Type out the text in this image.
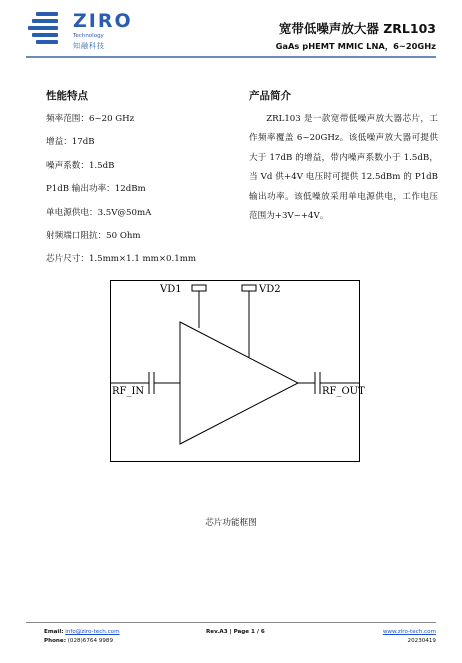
ZIRO
Technology
知融科技
宽带低噪声放大器 ZRL103
GaAs pHEMT MMIC LNA，6~20GHz
性能特点
频率范围：6~20 GHz
增益：17dB
噪声系数：1.5dB
P1dB 输出功率：12dBm
单电源供电：3.5V@50mA
射频端口阻抗：50 Ohm
芯片尺寸：1.5mm×1.1 mm×0.1mm
产品简介
ZRL103 是一款宽带低噪声放大器芯片，工作频率覆盖 6~20GHz。该低噪声放大器可提供大于 17dB 的增益，带内噪声系数小于 1.5dB，当 Vd 供+4V 电压时可提供 12.5dBm 的 P1dB 输出功率。该低噪放采用单电源供电，工作电压范围为+3V~+4V。
VD1	VD2
RF_IN	RF_OUT
芯片功能框图
Email: info@ziro-tech.com
Phone: (028)6764 9989
Rev.A3 | Page 1 / 6	www.ziro-tech.com
20230419
